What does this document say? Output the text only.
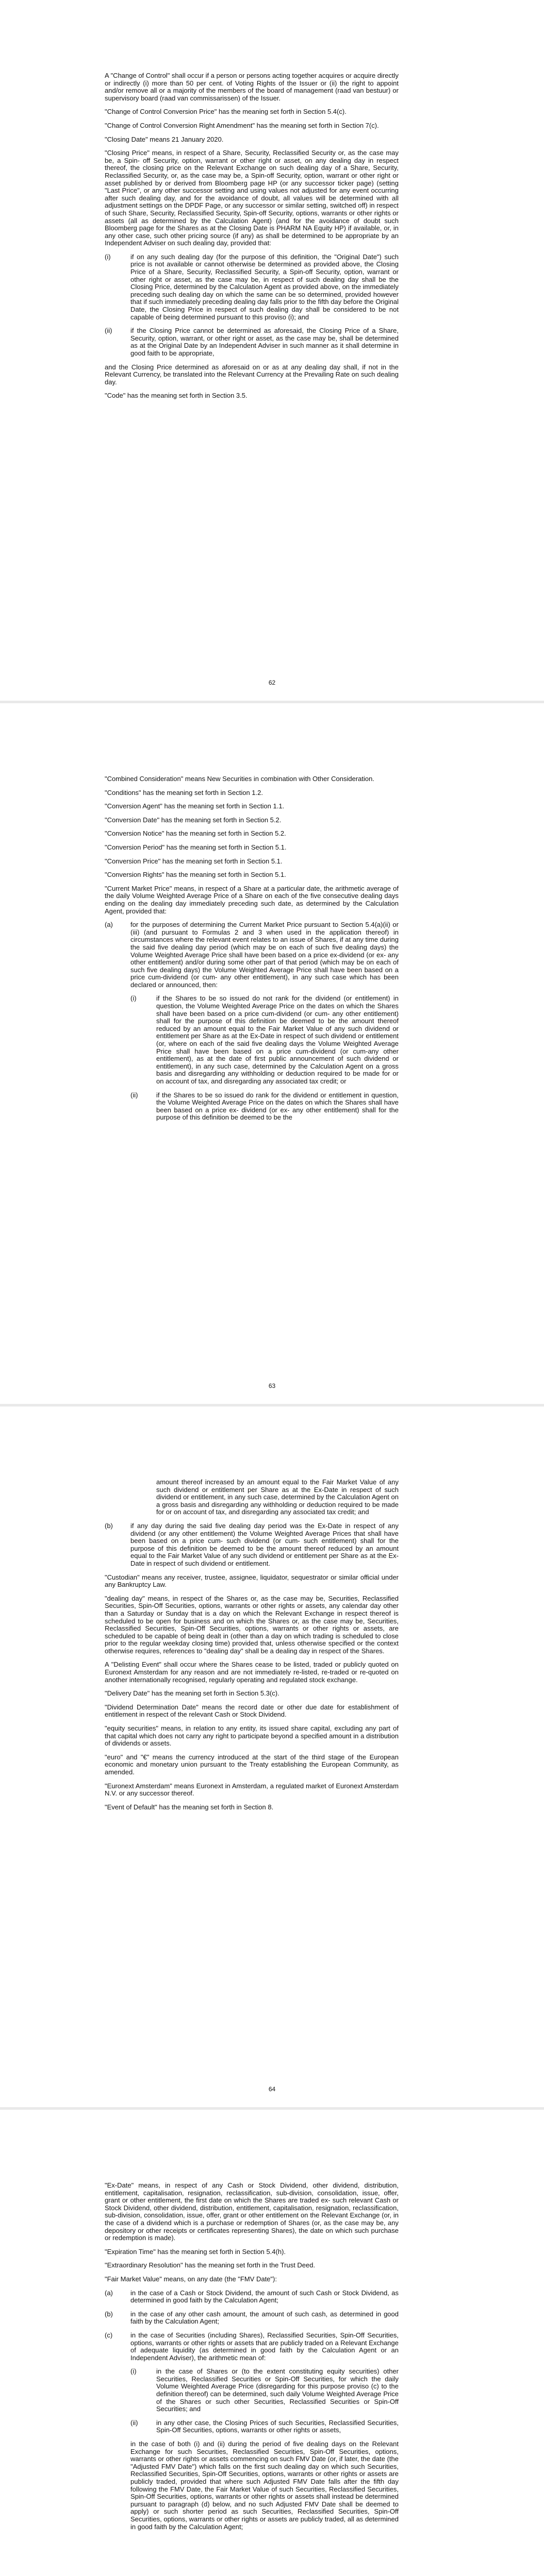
A "Change of Control" shall occur if a person or persons acting together acquires or acquire directly or indirectly (i) more than 50 per cent. of Voting Rights of the Issuer or (ii) the right to appoint and/or remove all or a majority of the members of the board of management (raad van bestuur) or supervisory board (raad van commissarissen) of the Issuer.

"Change of Control Conversion Price" has the meaning set forth in Section 5.4(c).

"Change of Control Conversion Right Amendment" has the meaning set forth in Section 7(c).

"Closing Date" means 21 January 2020.

"Closing Price" means, in respect of a Share, Security, Reclassified Security or, as the case may be, a Spin- off Security, option, warrant or other right or asset, on any dealing day in respect thereof, the closing price on the Relevant Exchange on such dealing day of a Share, Security, Reclassified Security, or, as the case may be, a Spin-off Security, option, warrant or other right or asset published by or derived from Bloomberg page HP (or any successor ticker page) (setting "Last Price", or any other successor setting and using values not adjusted for any event occurring after such dealing day, and for the avoidance of doubt, all values will be determined with all adjustment settings on the DPDF Page, or any successor or similar setting, switched off) in respect of such Share, Security, Reclassified Security, Spin-off Security, options, warrants or other rights or assets (all as determined by the Calculation Agent) (and for the avoidance of doubt such Bloomberg page for the Shares as at the Closing Date is PHARM NA Equity HP) if available, or, in any other case, such other pricing source (if any) as shall be determined to be appropriate by an Independent Adviser on such dealing day, provided that:

(i)	if on any such dealing day (for the purpose of this definition, the "Original Date") such price is not available or cannot otherwise be determined as provided above, the Closing Price of a Share, Security, Reclassified Security, a Spin-off Security, option, warrant or other right or asset, as the case may be, in respect of such dealing day shall be the Closing Price, determined by the Calculation Agent as provided above, on the immediately preceding such dealing day on which the same can be so determined, provided however that if such immediately preceding dealing day falls prior to the fifth day before the Original Date, the Closing Price in respect of such dealing day shall be considered to be not capable of being determined pursuant to this proviso (i); and
(ii)	if the Closing Price cannot be determined as aforesaid, the Closing Price of a Share, Security, option, warrant, or other right or asset, as the case may be, shall be determined as at the Original Date by an Independent Adviser in such manner as it shall determine in good faith to be appropriate,

and the Closing Price determined as aforesaid on or as at any dealing day shall, if not in the Relevant Currency, be translated into the Relevant Currency at the Prevailing Rate on such dealing day.

"Code" has the meaning set forth in Section 3.5.

62

"Combined Consideration" means New Securities in combination with Other Consideration.

"Conditions" has the meaning set forth in Section 1.2.

"Conversion Agent" has the meaning set forth in Section 1.1.

"Conversion Date" has the meaning set forth in Section 5.2.

"Conversion Notice" has the meaning set forth in Section 5.2.

"Conversion Period" has the meaning set forth in Section 5.1.

"Conversion Price" has the meaning set forth in Section 5.1.

"Conversion Rights" has the meaning set forth in Section 5.1.

"Current Market Price" means, in respect of a Share at a particular date, the arithmetic average of the daily Volume Weighted Average Price of a Share on each of the five consecutive dealing days ending on the dealing day immediately preceding such date, as determined by the Calculation Agent, provided that:

(a)	for the purposes of determining the Current Market Price pursuant to Section 5.4(a)(ii) or (iii) (and pursuant to Formulas 2 and 3 when used in the application thereof) in circumstances where the relevant event relates to an issue of Shares, if at any time during the said five dealing day period (which may be on each of such five dealing days) the Volume Weighted Average Price shall have been based on a price ex-dividend (or ex- any other entitlement) and/or during some other part of that period (which may be on each of such five dealing days) the Volume Weighted Average Price shall have been based on a price cum-dividend (or cum- any other entitlement), in any such case which has been declared or announced, then:
(i)	if the Shares to be so issued do not rank for the dividend (or entitlement) in question, the Volume Weighted Average Price on the dates on which the Shares shall have been based on a price cum-dividend (or cum- any other entitlement) shall for the purpose of this definition be deemed to be the amount thereof reduced by an amount equal to the Fair Market Value of any such dividend or entitlement per Share as at the Ex-Date in respect of such dividend or entitlement (or, where on each of the said five dealing days the Volume Weighted Average Price shall have been based on a price cum-dividend (or cum-any other entitlement), as at the date of first public announcement of such dividend or entitlement), in any such case, determined by the Calculation Agent on a gross basis and disregarding any withholding or deduction required to be made for or on account of tax, and disregarding any associated tax credit; or
(ii)	if the Shares to be so issued do rank for the dividend or entitlement in question, the Volume Weighted Average Price on the dates on which the Shares shall have been based on a price ex- dividend (or ex- any other entitlement) shall for the purpose of this definition be deemed to be the
63
amount thereof increased by an amount equal to the Fair Market Value of any such dividend or entitlement per Share as at the Ex-Date in respect of such dividend or entitlement, in any such case, determined by the Calculation Agent on a gross basis and disregarding any withholding or deduction required to be made for or on account of tax, and disregarding any associated tax credit; and
(b)	if any day during the said five dealing day period was the Ex-Date in respect of any dividend (or any other entitlement) the Volume Weighted Average Prices that shall have been based on a price cum- such dividend (or cum- such entitlement) shall for the purpose of this definition be deemed to be the amount thereof reduced by an amount equal to the Fair Market Value of any such dividend or entitlement per Share as at the Ex-Date in respect of such dividend or entitlement.

"Custodian" means any receiver, trustee, assignee, liquidator, sequestrator or similar official under any Bankruptcy Law.

"dealing day" means, in respect of the Shares or, as the case may be, Securities, Reclassified Securities, Spin-Off Securities, options, warrants or other rights or assets, any calendar day other than a Saturday or Sunday that is a day on which the Relevant Exchange in respect thereof is scheduled to be open for business and on which the Shares or, as the case may be, Securities, Reclassified Securities, Spin-Off Securities, options, warrants or other rights or assets, are scheduled to be capable of being dealt in (other than a day on which trading is scheduled to close prior to the regular weekday closing time) provided that, unless otherwise specified or the context otherwise requires, references to "dealing day" shall be a dealing day in respect of the Shares.

A "Delisting Event" shall occur where the Shares cease to be listed, traded or publicly quoted on Euronext Amsterdam for any reason and are not immediately re-listed, re-traded or re-quoted on another internationally recognised, regularly operating and regulated stock exchange.

"Delivery Date" has the meaning set forth in Section 5.3(c).

"Dividend Determination Date" means the record date or other due date for establishment of entitlement in respect of the relevant Cash or Stock Dividend.

"equity securities" means, in relation to any entity, its issued share capital, excluding any part of that capital which does not carry any right to participate beyond a specified amount in a distribution of dividends or assets.

"euro" and "€" means the currency introduced at the start of the third stage of the European economic and monetary union pursuant to the Treaty establishing the European Community, as amended.

"Euronext Amsterdam" means Euronext in Amsterdam, a regulated market of Euronext Amsterdam N.V. or any successor thereof.

"Event of Default" has the meaning set forth in Section 8.

64

"Ex-Date" means, in respect of any Cash or Stock Dividend, other dividend, distribution, entitlement, capitalisation, resignation, reclassification, sub-division, consolidation, issue, offer, grant or other entitlement, the first date on which the Shares are traded ex- such relevant Cash or Stock Dividend, other dividend, distribution, entitlement, capitalisation, resignation, reclassification, sub-division, consolidation, issue, offer, grant or other entitlement on the Relevant Exchange (or, in the case of a dividend which is a purchase or redemption of Shares (or, as the case may be, any depository or other receipts or certificates representing Shares), the date on which such purchase or redemption is made).

"Expiration Time" has the meaning set forth in Section 5.4(h).

"Extraordinary Resolution" has the meaning set forth in the Trust Deed.

"Fair Market Value" means, on any date (the "FMV Date"):

(a)	in the case of a Cash or Stock Dividend, the amount of such Cash or Stock Dividend, as determined in good faith by the Calculation Agent;
(b)	in the case of any other cash amount, the amount of such cash, as determined in good faith by the Calculation Agent;
(c)	in the case of Securities (including Shares), Reclassified Securities, Spin-Off Securities, options, warrants or other rights or assets that are publicly traded on a Relevant Exchange of adequate liquidity (as determined in good faith by the Calculation Agent or an Independent Adviser), the arithmetic mean of:
(i)	in the case of Shares or (to the extent constituting equity securities) other Securities, Reclassified Securities or Spin-Off Securities, for which the daily Volume Weighted Average Price (disregarding for this purpose proviso (c) to the definition thereof) can be determined, such daily Volume Weighted Average Price of the Shares or such other Securities, Reclassified Securities or Spin-Off Securities; and
(ii)	in any other case, the Closing Prices of such Securities, Reclassified Securities, Spin-Off Securities, options, warrants or other rights or assets,
in the case of both (i) and (ii) during the period of five dealing days on the Relevant Exchange for such Securities, Reclassified Securities, Spin-Off Securities, options, warrants or other rights or assets commencing on such FMV Date (or, if later, the date (the "Adjusted FMV Date") which falls on the first such dealing day on which such Securities, Reclassified Securities, Spin-Off Securities, options, warrants or other rights or assets are publicly traded, provided that where such Adjusted FMV Date falls after the fifth day following the FMV Date, the Fair Market Value of such Securities, Reclassified Securities, Spin-Off Securities, options, warrants or other rights or assets shall instead be determined pursuant to paragraph (d) below, and no such Adjusted FMV Date shall be deemed to apply) or such shorter period as such Securities, Reclassified Securities, Spin-Off Securities, options, warrants or other rights or assets are publicly traded, all as determined in good faith by the Calculation Agent;
